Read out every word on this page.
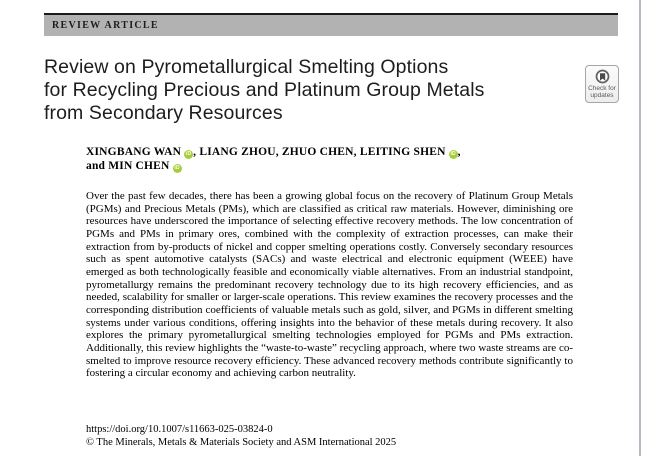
REVIEW ARTICLE
Review on Pyrometallurgical Smelting Options
for Recycling Precious and Platinum Group Metals
from Secondary Resources
Check for
updates
XINGBANG WAN iD , LIANG ZHOU, ZHUO CHEN, LEITING SHEN iD ,
and MIN CHEN iD

Over the past few decades, there has been a growing global focus on the recovery of Platinum Group Metals (PGMs) and Precious Metals (PMs), which are classified as critical raw materials. However, diminishing ore resources have underscored the importance of selecting effective recovery methods. The low concentration of PGMs and PMs in primary ores, combined with the complexity of extraction processes, can make their extraction from by-products of nickel and copper smelting operations costly. Conversely secondary resources such as spent automotive catalysts (SACs) and waste electrical and electronic equipment (WEEE) have emerged as both technologically feasible and economically viable alternatives. From an industrial standpoint, pyrometallurgy remains the predominant recovery technology due to its high recovery efficiencies, and as needed, scalability for smaller or larger-scale operations. This review examines the recovery processes and the corresponding distribution coefficients of valuable metals such as gold, silver, and PGMs in different smelting systems under various conditions, offering insights into the behavior of these metals during recovery. It also explores the primary pyrometallurgical smelting technologies employed for PGMs and PMs extraction. Additionally, this review highlights the “waste-to-waste” recycling approach, where two waste streams are co-smelted to improve resource recovery efficiency. These advanced recovery methods contribute significantly to fostering a circular economy and achieving carbon neutrality.

https://doi.org/10.1007/s11663-025-03824-0
© The Minerals, Metals & Materials Society and ASM International 2025
